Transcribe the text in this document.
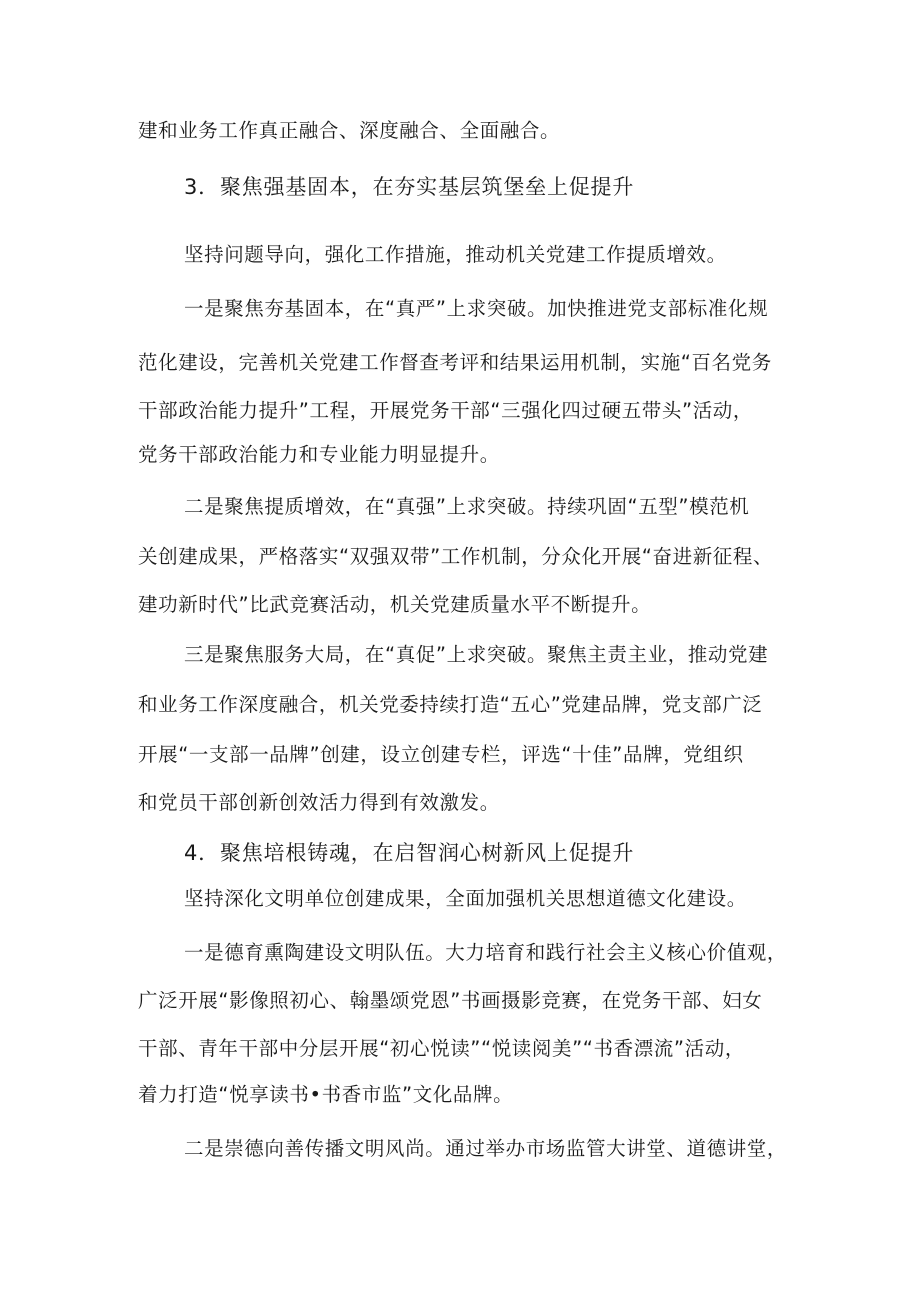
建和业务工作真正融合、深度融合、全面融合。

3．聚焦强基固本，在夯实基层筑堡垒上促提升

坚持问题导向，强化工作措施，推动机关党建工作提质增效。

一是聚焦夯基固本，在“真严”上求突破。加快推进党支部标准化规

范化建设，完善机关党建工作督查考评和结果运用机制，实施“百名党务

干部政治能力提升”工程，开展党务干部“三强化四过硬五带头”活动，

党务干部政治能力和专业能力明显提升。

二是聚焦提质增效，在“真强”上求突破。持续巩固“五型”模范机

关创建成果，严格落实“双强双带”工作机制，分众化开展“奋进新征程、

建功新时代”比武竞赛活动，机关党建质量水平不断提升。

三是聚焦服务大局，在“真促”上求突破。聚焦主责主业，推动党建

和业务工作深度融合，机关党委持续打造“五心”党建品牌，党支部广泛

开展“一支部一品牌”创建，设立创建专栏，评选“十佳”品牌，党组织

和党员干部创新创效活力得到有效激发。

4．聚焦培根铸魂，在启智润心树新风上促提升

坚持深化文明单位创建成果，全面加强机关思想道德文化建设。

一是德育熏陶建设文明队伍。大力培育和践行社会主义核心价值观，

广泛开展“影像照初心、翰墨颂党恩”书画摄影竞赛，在党务干部、妇女

干部、青年干部中分层开展“初心悦读”“悦读阅美”“书香漂流”活动，

着力打造“悦享读书•书香市监”文化品牌。

二是崇德向善传播文明风尚。通过举办市场监管大讲堂、道德讲堂，
